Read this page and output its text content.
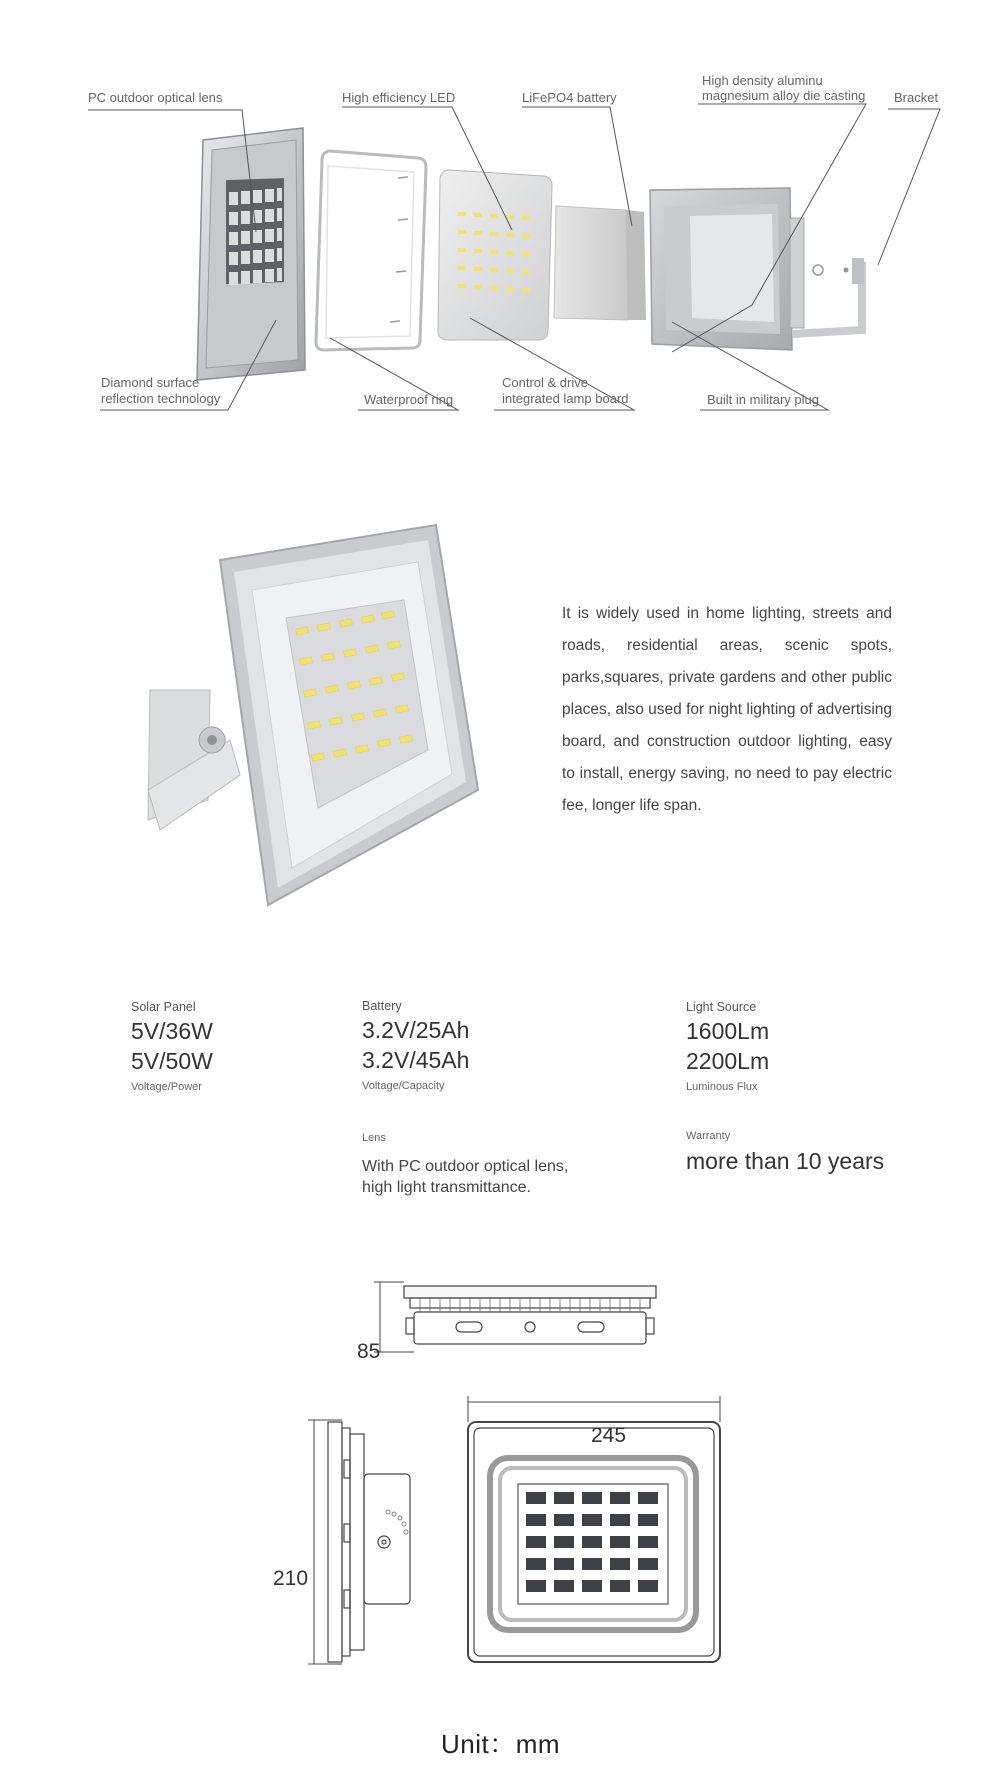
PC outdoor optical lens	High efficiency LED	LiFePO4 battery
High density aluminu
magnesium alloy die casting Bracket
Diamond surface
reflection technology	Waterproof ring
Control & drive
integrated lamp board	Built in military plug

It is widely used in home lighting, streets and roads, residential areas, scenic spots, parks,squares, private gardens and other public places, also used for night lighting of advertising board, and construction outdoor lighting, easy to install, energy saving, no need to pay electric fee, longer life span.

Solar Panel
5V/36W
5V/50W
Voltage/Power
Battery
3.2V/25Ah
3.2V/45Ah
Voltage/Capacity
Light Source
1600Lm
2200Lm
Luminous Flux
Lens
With PC outdoor optical lens,
high light transmittance.
Warranty
more than 10 years
85
245
210
Unit：mm
